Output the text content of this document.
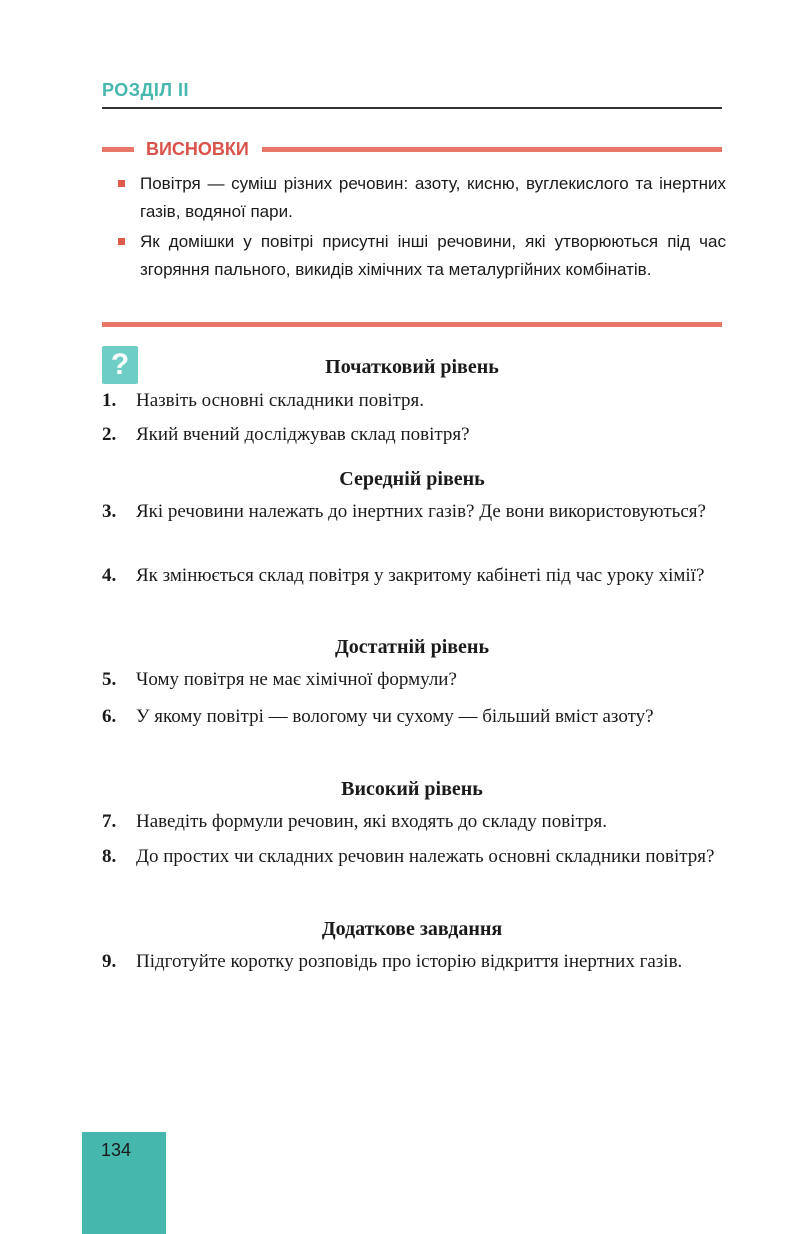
РОЗДІЛ ІІ
ВИСНОВКИ
Повітря — суміш різних речовин: азоту, кисню, вуглекислого та інертних газів, водяної пари.
Як домішки у повітрі присутні інші речовини, які утворюються під час згоряння пального, викидів хімічних та металургійних комбінатів.
?	Початковий рівень
1. Назвіть основні складники повітря.
2. Який вчений досліджував склад повітря?
Середній рівень
3. Які речовини належать до інертних газів? Де вони використовуються?
4. Як змінюється склад повітря у закритому кабінеті під час уроку хімії?
Достатній рівень
5. Чому повітря не має хімічної формули?
6. У якому повітрі — вологому чи сухому — більший вміст азоту?
Високий рівень
7. Наведіть формули речовин, які входять до складу повітря.
8. До простих чи складних речовин належать основні складники повітря?
Додаткове завдання
9. Підготуйте коротку розповідь про історію відкриття інертних газів.
134
